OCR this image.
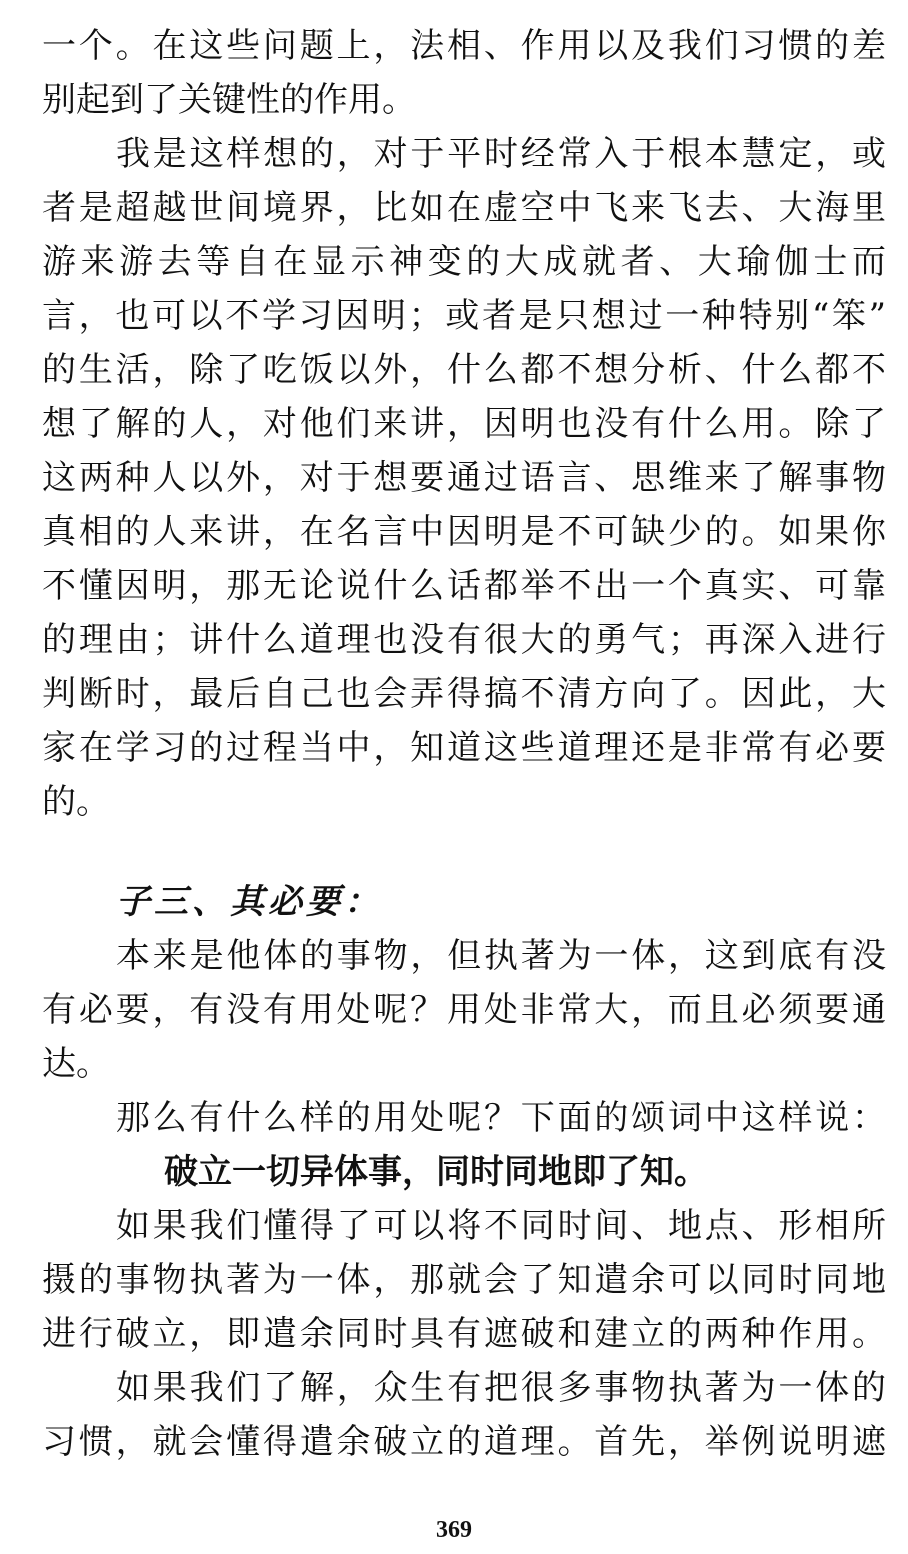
一个。在这些问题上，法相、作用以及我们习惯的差
别起到了关键性的作用。
我是这样想的，对于平时经常入于根本慧定，或
者是超越世间境界，比如在虚空中飞来飞去、大海里
游来游去等自在显示神变的大成就者、大瑜伽士而
言，也可以不学习因明；或者是只想过一种特别“笨”
的生活，除了吃饭以外，什么都不想分析、什么都不
想了解的人，对他们来讲，因明也没有什么用。除了
这两种人以外，对于想要通过语言、思维来了解事物
真相的人来讲，在名言中因明是不可缺少的。如果你
不懂因明，那无论说什么话都举不出一个真实、可靠
的理由；讲什么道理也没有很大的勇气；再深入进行
判断时，最后自己也会弄得搞不清方向了。因此，大
家在学习的过程当中，知道这些道理还是非常有必要
的。
子三、其必要：
本来是他体的事物，但执著为一体，这到底有没
有必要，有没有用处呢？用处非常大，而且必须要通
达。
那么有什么样的用处呢？下面的颂词中这样说：
破立一切异体事，同时同地即了知。
如果我们懂得了可以将不同时间、地点、形相所
摄的事物执著为一体，那就会了知遣余可以同时同地
进行破立，即遣余同时具有遮破和建立的两种作用。
如果我们了解，众生有把很多事物执著为一体的
习惯，就会懂得遣余破立的道理。首先，举例说明遮
369
